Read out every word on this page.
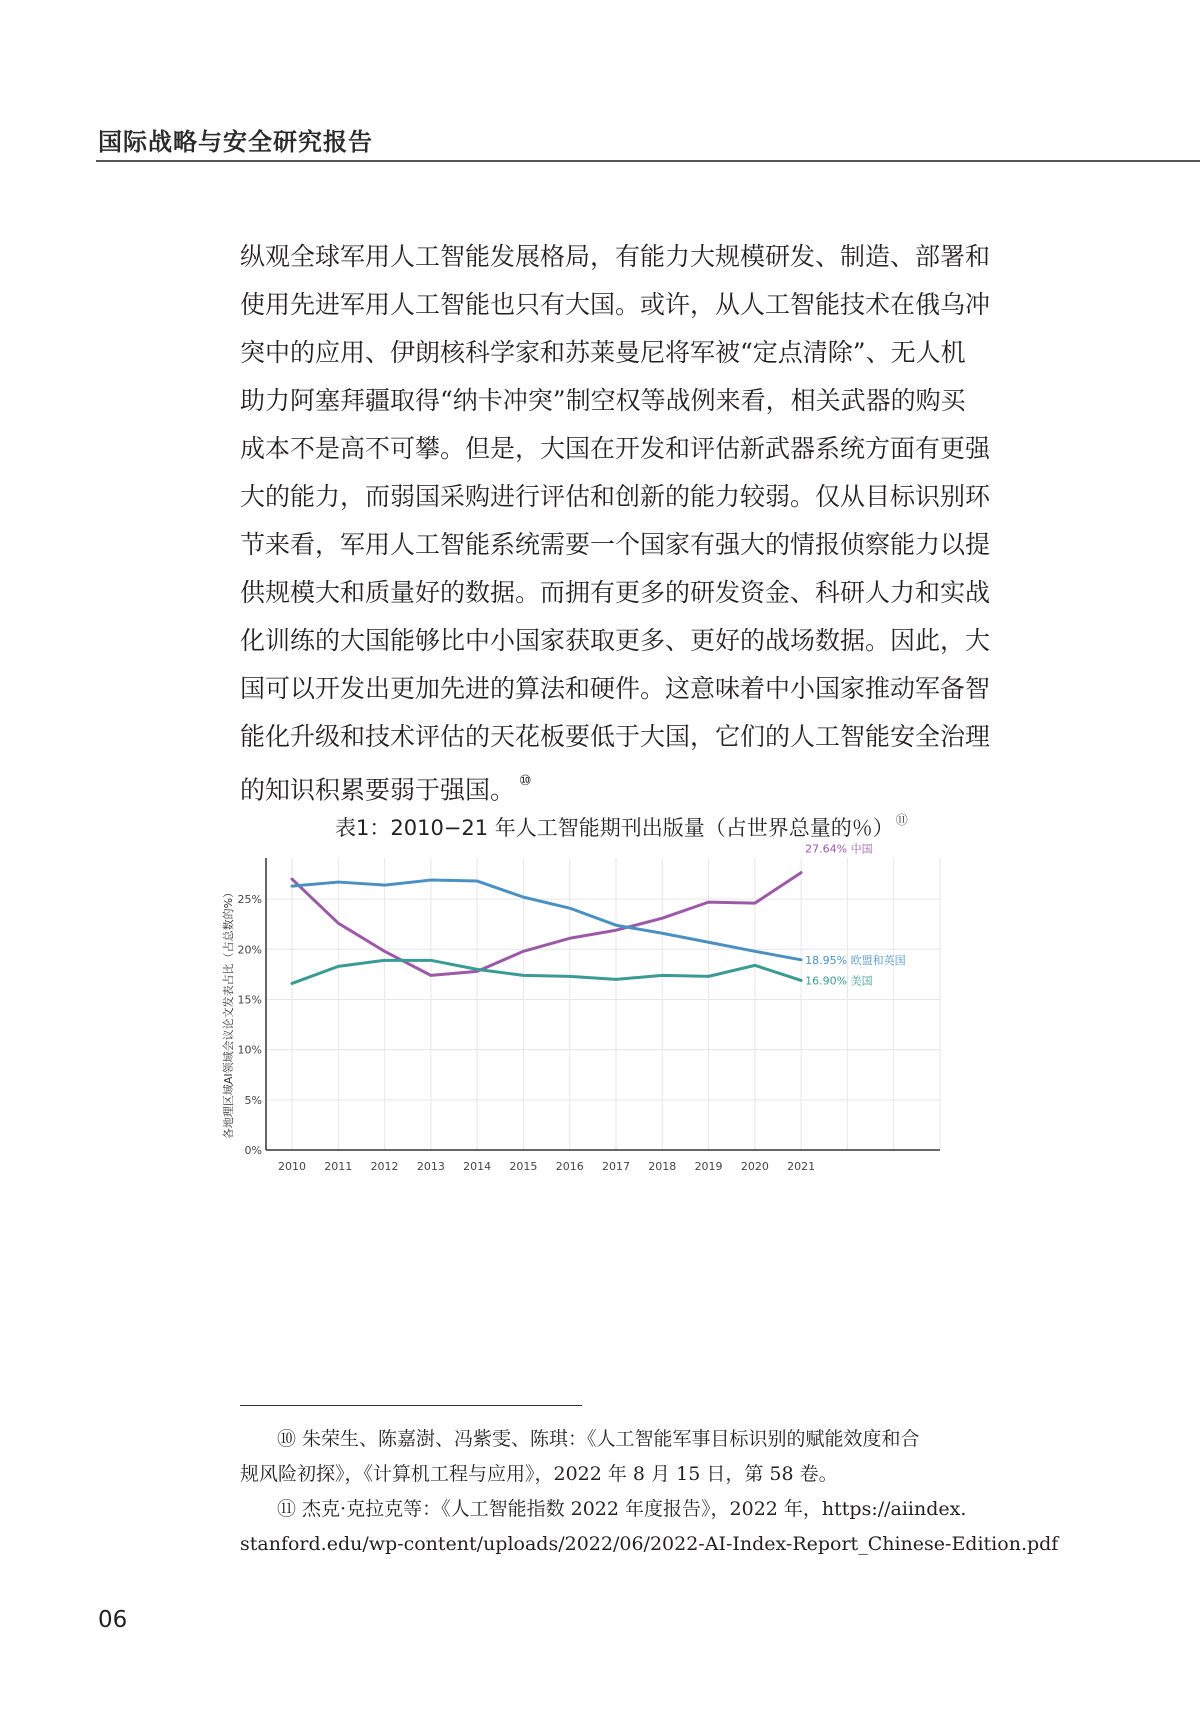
国际战略与安全研究报告

纵观全球军用人工智能发展格局，有能力大规模研发、制造、部署和

使用先进军用人工智能也只有大国。或许，从人工智能技术在俄乌冲

突中的应用、伊朗核科学家和苏莱曼尼将军被“定点清除”、无人机

助力阿塞拜疆取得“纳卡冲突”制空权等战例来看，相关武器的购买

成本不是高不可攀。但是，大国在开发和评估新武器系统方面有更强

大的能力，而弱国采购进行评估和创新的能力较弱。仅从目标识别环

节来看，军用人工智能系统需要一个国家有强大的情报侦察能力以提

供规模大和质量好的数据。而拥有更多的研发资金、科研人力和实战

化训练的大国能够比中小国家获取更多、更好的战场数据。因此，大

国可以开发出更加先进的算法和硬件。这意味着中小国家推动军备智

能化升级和技术评估的天花板要低于大国，它们的人工智能安全治理

的知识积累要弱于强国。 ⑩

表1：2010−21 年人工智能期刊出版量（占世界总量的％） ⑪
0%
5%
10%
15%
20%
25%
2010 2011 2012 2013 2014 2015 2016 2017 2018 2019 2020 2021
27.64% 中国
18.95% 欧盟和英国
16.90% 美国
各地理区域AI领域会议论文发表占比（占总数的%）

⑩ 朱荣生、陈嘉澍、冯紫雯、陈琪：《人工智能军事目标识别的赋能效度和合

规风险初探》，《计算机工程与应用》，2022 年 8 月 15 日，第 58 卷。

⑪ 杰克·克拉克等：《人工智能指数 2022 年度报告》，2022 年，https://aiindex.

stanford.edu/wp-content/uploads/2022/06/2022-AI-Index-Report_Chinese-Edition.pdf

06
